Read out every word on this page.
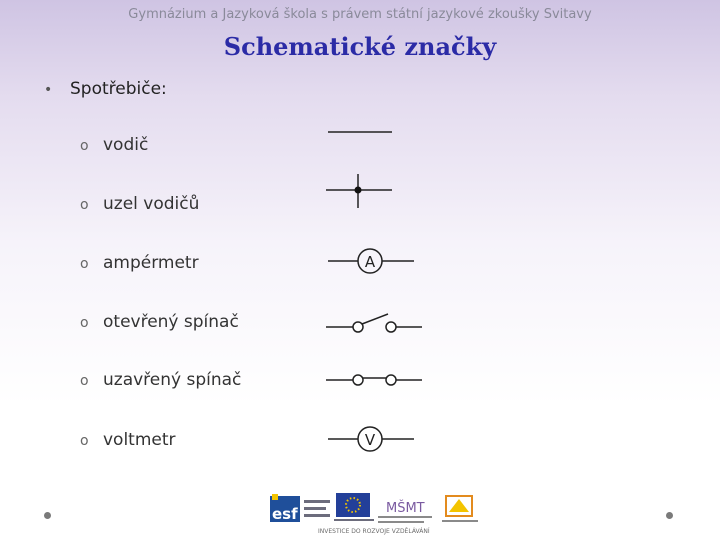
Gymnázium a Jazyková škola s právem státní jazykové zkoušky Svitavy
Schematické značky
• Spotřebiče:
o vodič
o uzel vodičů
o ampérmetr
o otevřený spínač
o uzavřený spínač
o voltmetr
A
V
esf	MŠMT
INVESTICE DO ROZVOJE VZDĚLÁVÁNÍ
